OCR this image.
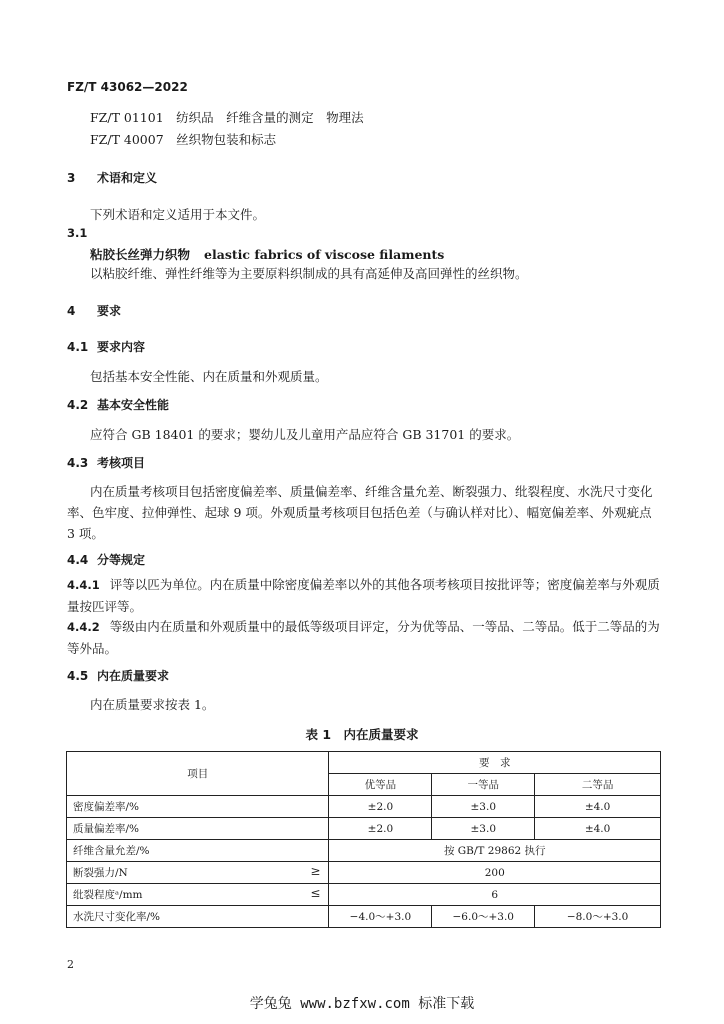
FZ/T 43062—2022
FZ/T 01101　纺织品　纤维含量的测定　物理法
FZ/T 40007　丝织物包装和标志
3 术语和定义
下列术语和定义适用于本文件。
3.1
粘胶长丝弹力织物 elastic fabrics of viscose filaments
以粘胶纤维、弹性纤维等为主要原料织制成的具有高延伸及高回弹性的丝织物。
4 要求
4.1 要求内容
包括基本安全性能、内在质量和外观质量。
4.2 基本安全性能
应符合 GB 18401 的要求；婴幼儿及儿童用产品应符合 GB 31701 的要求。
4.3 考核项目
内在质量考核项目包括密度偏差率、质量偏差率、纤维含量允差、断裂强力、纰裂程度、水洗尺寸变化率、色牢度、拉伸弹性、起球 9 项。外观质量考核项目包括色差（与确认样对比）、幅宽偏差率、外观疵点 3 项。
4.4 分等规定
4.4.1 评等以匹为单位。内在质量中除密度偏差率以外的其他各项考核项目按批评等；密度偏差率与外观质量按匹评等。
4.4.2 等级由内在质量和外观质量中的最低等级项目评定，分为优等品、一等品、二等品。低于二等品的为等外品。
4.5 内在质量要求
内在质量要求按表 1。
表 1　内在质量要求
项目	要　求		
	优等品	一等品	二等品
密度偏差率/%	±2.0	±3.0	±4.0
质量偏差率/%	±2.0	±3.0	±4.0
纤维含量允差/%	按 GB/T 29862 执行		
断裂强力/N ≥	200		
纰裂程度ᵃ/mm ≤	6		
水洗尺寸变化率/%	−4.0～+3.0	−6.0～+3.0	−8.0～+3.0
2
学兔兔 www.bzfxw.com 标准下载
